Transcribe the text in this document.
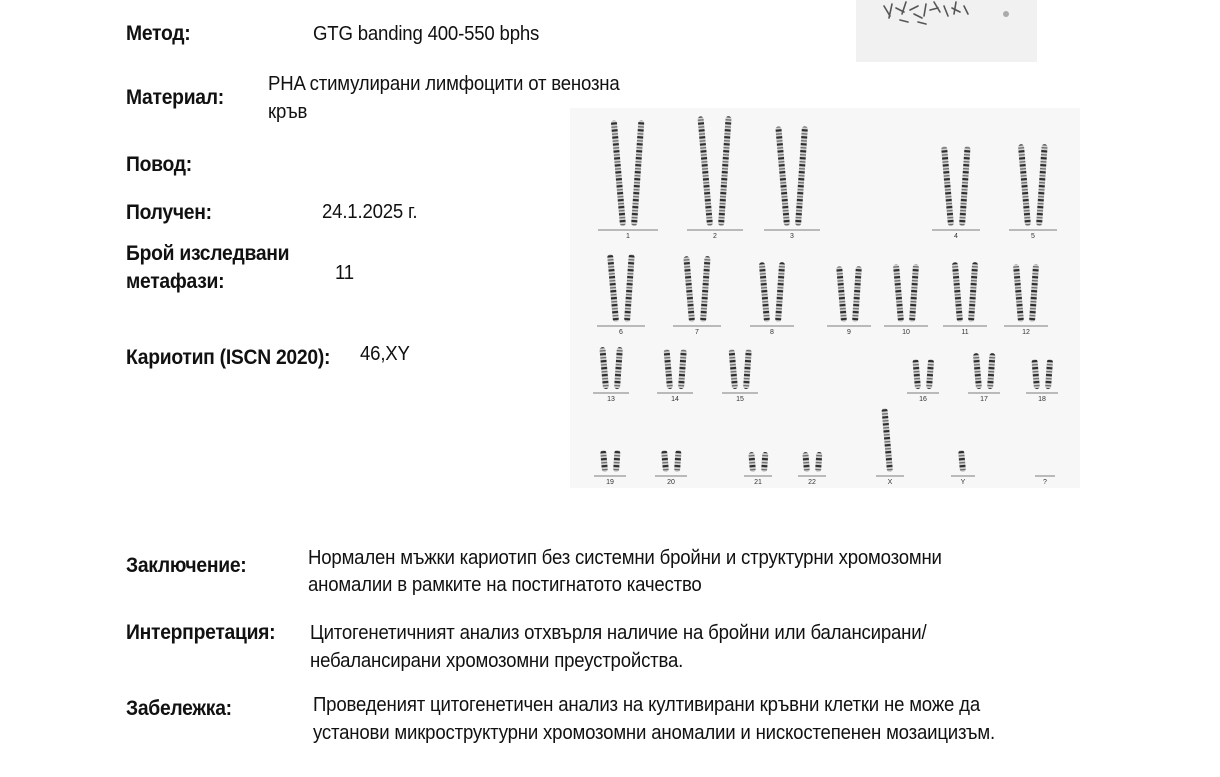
Метод:	GTG banding 400-550 bphs
Материал:
PHA стимулирани лимфоцити от венозна
кръв
Повод:
Получен:	24.1.2025 г.
Брой изследвани
метафази:	11
Кариотип (ISCN 2020): 46,XY
1	2	3	4	5
6	7	8	9	10	11	12
13	14	15	16	17	18
19	20	21	22	X	Y	?
Заключение:	Нормален мъжки кариотип без системни бройни и структурни хромозомни
аномалии в рамките на постигнатото качество
Интерпретация: Цитогенетичният анализ отхвърля наличие на бройни или балансирани/
небалансирани хромозомни преустройства.
Забележка:	Проведеният цитогенетичен анализ на култивирани кръвни клетки не може да
установи микроструктурни хромозомни аномалии и нискостепенен мозаицизъм.
